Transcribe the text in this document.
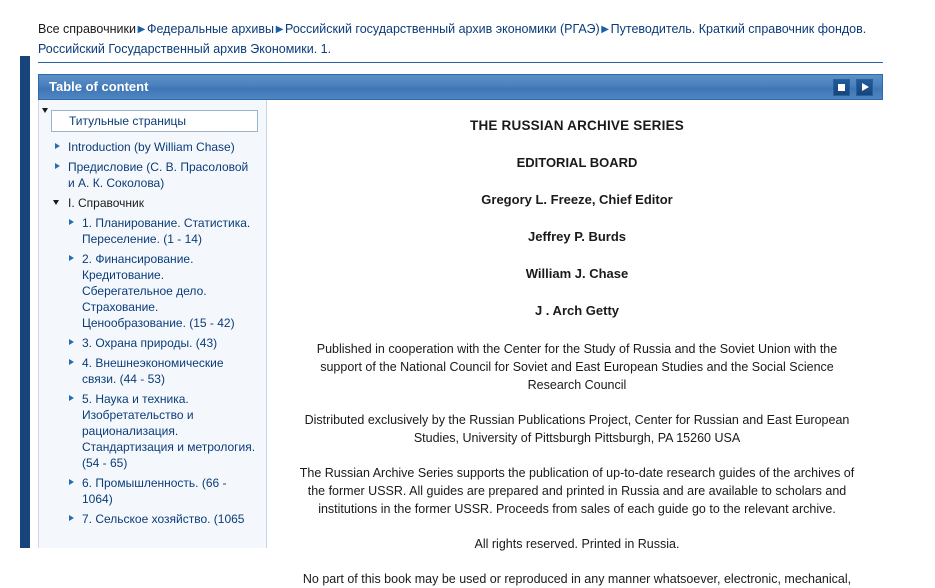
Все справочники ▶ Федеральные архивы ▶ Российский государственный архив экономики (РГАЭ) ▶ Путеводитель. Краткий справочник фондов. Российский Государственный архив Экономики. 1.
Table of content
Титульные страницы
Introduction (by William Chase)
Предисловие (С. В. Прасоловой и А. К. Соколова)
I. Справочник
1. Планирование. Статистика. Переселение. (1 - 14)
2. Финансирование. Кредитование. Сберегательное дело. Страхование. Ценообразование. (15 - 42)
3. Охрана природы. (43)
4. Внешнеэкономические связи. (44 - 53)
5. Наука и техника. Изобретательство и рационализация. Стандартизация и метрология. (54 - 65)
6. Промышленность. (66 - 1064)
7. Сельское хозяйство. (1065
THE RUSSIAN ARCHIVE SERIES
EDITORIAL BOARD
Gregory L. Freeze, Chief Editor
Jeffrey P. Burds
William J. Chase
J . Arch Getty
Published in cooperation with the Center for the Study of Russia and the Soviet Union with the support of the National Council for Soviet and East European Studies and the Social Science Research Council
Distributed exclusively by the Russian Publications Project, Center for Russian and East European Studies, University of Pittsburgh Pittsburgh, PA 15260 USA
The Russian Archive Series supports the publication of up-to-date research guides of the archives of the former USSR. All guides are prepared and printed in Russia and are available to scholars and institutions in the former USSR. Proceeds from sales of each guide go to the relevant archive.
All rights reserved. Printed in Russia.
No part of this book may be used or reproduced in any manner whatsoever, electronic, mechanical,
